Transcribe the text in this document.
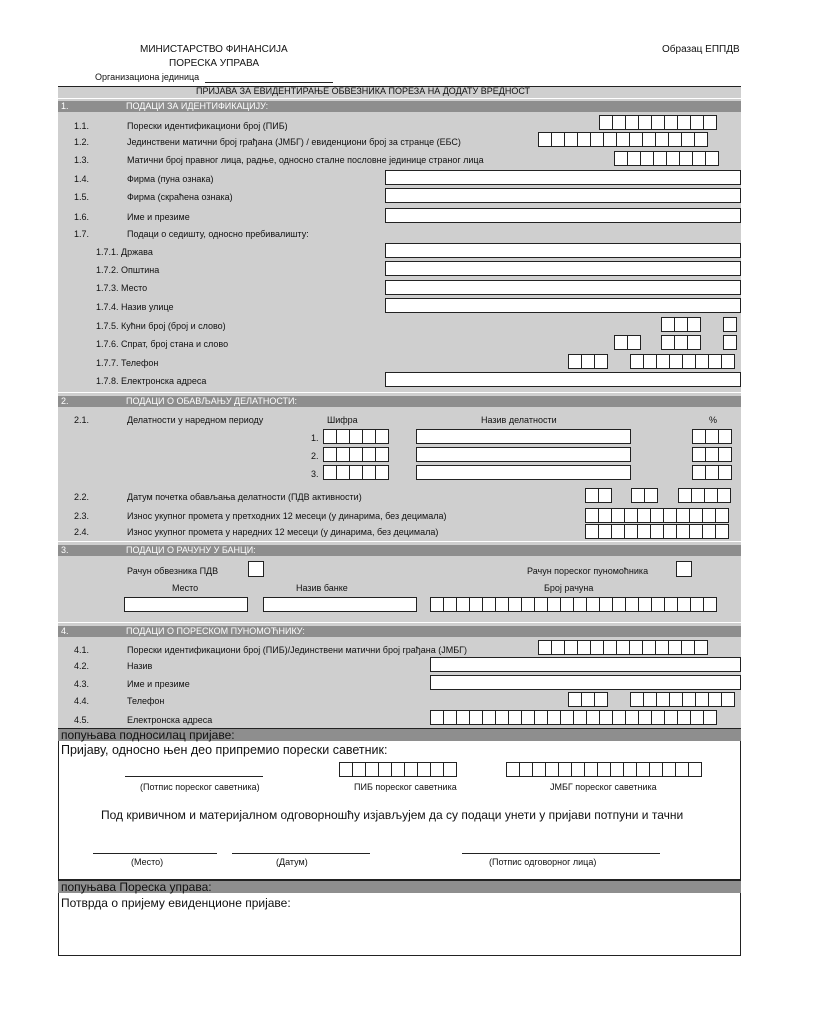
МИНИСТАРСТВО ФИНАНСИЈА
ПОРЕСКА УПРАВА
Организациона јединица
Образац ЕППДВ
ПРИЈАВА ЗА ЕВИДЕНТИРАЊЕ ОБВЕЗНИКА ПОРЕЗА НА ДОДАТУ ВРЕДНОСТ
1.	ПОДАЦИ ЗА ИДЕНТИФИКАЦИЈУ:
1.1.	Порески идентификациони број (ПИБ)
1.2.	Јединствени матични број грађана (ЈМБГ) / евиденциони број за странце (ЕБС)
1.3.	Матични број правног лица, радње, односно сталне пословне јединице страног лица
1.4.	Фирма (пуна ознака)
1.5.	Фирма (скраћена ознака)
1.6.	Име и презиме
1.7.	Подаци о седишту, односно пребивалишту:
1.7.1. Држава
1.7.2. Општина
1.7.3. Место
1.7.4. Назив улице
1.7.5. Кућни број (број и слово)
1.7.6. Спрат, број стана и слово
1.7.7. Телефон
1.7.8. Електронска адреса
2.	ПОДАЦИ О ОБАВЉАЊУ ДЕЛАТНОСТИ:
2.1.	Делатности у наредном периоду	Шифра	Назив делатности	%
1.
2.
3.
2.2.	Датум почетка обављања делатности (ПДВ активности)
2.3.	Износ укупног промета у претходних 12 месеци (у динарима, без децимала)
2.4.	Износ укупног промета у наредних 12 месеци (у динарима, без децимала)
3.	ПОДАЦИ О РАЧУНУ У БАНЦИ:
Рачун обвезника ПДВ	Рачун пореског пуномоћника
Место	Назив банке	Број рачуна
4.	ПОДАЦИ О ПОРЕСКОМ ПУНОМОЋНИКУ:
4.1.	Порески идентификациони број (ПИБ)/Јединствени матични број грађана (ЈМБГ)
4.2.	Назив
4.3.	Име и презиме
4.4.	Телефон
4.5.	Електронска адреса
попуњава подносилац пријаве:
Пријаву, односно њен део припремио порески саветник:
(Потпис пореског саветника)	ПИБ пореског саветника	ЈМБГ пореског саветника
Под кривичном и материјалном одговорношћу изјављујем да су подаци унети у пријави потпуни и тачни
(Место)	(Датум)	(Потпис одговорног лица)
попуњава Пореска управа:
Потврда о пријему евиденционе пријаве:
